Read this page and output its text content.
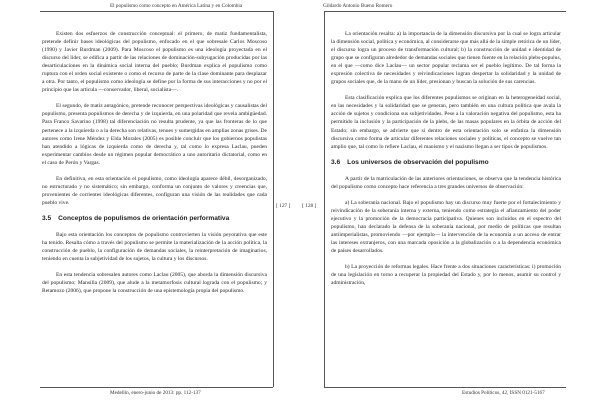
El populismo como concepto en América Latina y en Colombia
[ 127 ]

Existen dos esfuerzos de construcción conceptual: el primero, de matiz fundamentalista, pretende definir bases ideológicas del populismo, enfocado en el que sobresale Carlos Moscoso (1990) y Javier Burdman (2009). Para Moscoso el populismo es una ideología proyectada en el discurso del líder, se edifica a partir de las relaciones de dominación-subyugación producidas por las desarticulaciones en la dinámica social interna del pueblo; Burdman explica el populismo como ruptura con el orden social existente o como el recurso de parte de la clase dominante para desplazar a otra. Por tanto, el populismo como ideología se define por la forma de sus interacciones y no por el principio que las articula —conservador, liberal, socialista—.

El segundo, de matiz antagónico, pretende reconocer perspectivas ideológicas y causalistas del populismo, presenta populismos de derecha y de izquierda, en una polaridad que revela ambigüedad. Para Franco Savarino (1998) tal diferenciación no resulta prudente, ya que las fronteras de lo que pertenece a la izquierda o a la derecha son relativas, tenues y sumergidas en amplias zonas grises. De autores como Irene Méndez y Elda Morales (2005) es posible concluir que los gobiernos populistas han atendido a lógicas de izquierda como de derecha y, tal como lo expresa Laclau, pueden experimentar cambios desde un régimen popular democrático a uno autoritario dictatorial, como en el caso de Perón y Vargas.

En definitiva, en esta orientación el populismo, como ideología aparece débil, desorganizado, no estructurado y no sistemático; sin embargo, conforma un conjunto de valores y creencias que, provenientes de corrientes ideológicas diferentes, configuran una visión de las realidades que cada pueblo vive.

3.5 Conceptos de populismos de orientación performativa

Bajo esta orientación los conceptos de populismo controvierten la visión peyorativa que este ha tenido. Resalta cómo a través del populismo se permite la materialización de la acción política, la construcción de pueblo, la configuración de demandas sociales, la reinterpretación de imaginarios, teniendo en cuenta la subjetividad de los sujetos, la cultura y los discursos.

En esta tendencia sobresalen autores como Laclau (2005), que aborda la dimensión discursiva del populismo; Mansilla (2009), que alude a la metamorfosis cultural lograda con el populismo; y Retamozo (2006), que propone la construcción de una epistemología propia del populismo.

Medellín, enero-junio de 2013: pp. 112-137
Gildardo Antonio Bueno Romero
[ 128 ]

La orientación resalta: a) la importancia de la dimensión discursiva por la cual se logra articular la dimensión social, política y económica, al considerarse que más allá de la simple retórica de un líder, el discurso logra un proceso de transformación cultural; b) la construcción de unidad e identidad de grupo que se configuran alrededor de demandas sociales que tienen fuente en la relación plebs-populus, en el que —como dice Laclau— un sector popular reclama ser el pueblo legítimo. De tal forma la expresión colectiva de necesidades y reivindicaciones logran despertar la solidaridad y la unidad de grupos sociales que, de la mano de un líder, presionan y buscan la solución de sus carencias.

Esta clasificación explica que los diferentes populismos se originan en la heterogeneidad social, en las necesidades y la solidaridad que se generan, pero también en una cultura política que avala la acción de sujetos y condiciona sus subjetividades. Pese a la valoración negativa del populismo, esta ha permitido la inclusión y la participación de la plebs, de las masas populares en la órbita de acción del Estado; sin embargo, se advierte que si dentro de esta orientación solo se enfatiza la dimensión discursiva como forma de articular diferentes relaciones sociales y políticas, el concepto se vuelve tan amplio que, tal como lo refiere Laclau, el maoísmo y el nazismo llegan a ser tipos de populismos.

3.6 Los universos de observación del populismo

A partir de la matriculación de las anteriores orientaciones, se observa que la tendencia histórica del populismo como concepto hace referencia a tres grandes universos de observación:

a) La soberanía nacional. Bajo el populismo hay un discurso muy fuerte por el fortalecimiento y reivindicación de la soberanía interna y externa, teniendo como estrategia el afianzamiento del poder ejecutivo y la promoción de la democracia participativa. Quienes son incluidos en el espectro del populismo, han declarado la defensa de la soberanía nacional, por medio de políticas que resultan antiimperialistas, promoviendo —por ejemplo— la intervención de la economía a un acceso de entrar las intereses extranjeros, con una marcada oposición a la globalización o a la dependencia económica de países desarrollados.

b) La proyección de reformas legales. Hace frente a dos situaciones características: i) promoción de una legislación en torno a recuperar la propiedad del Estado y, por lo menos, asumir su control y administración,

Estudios Políticos, 42, ISSN 0121-5167
